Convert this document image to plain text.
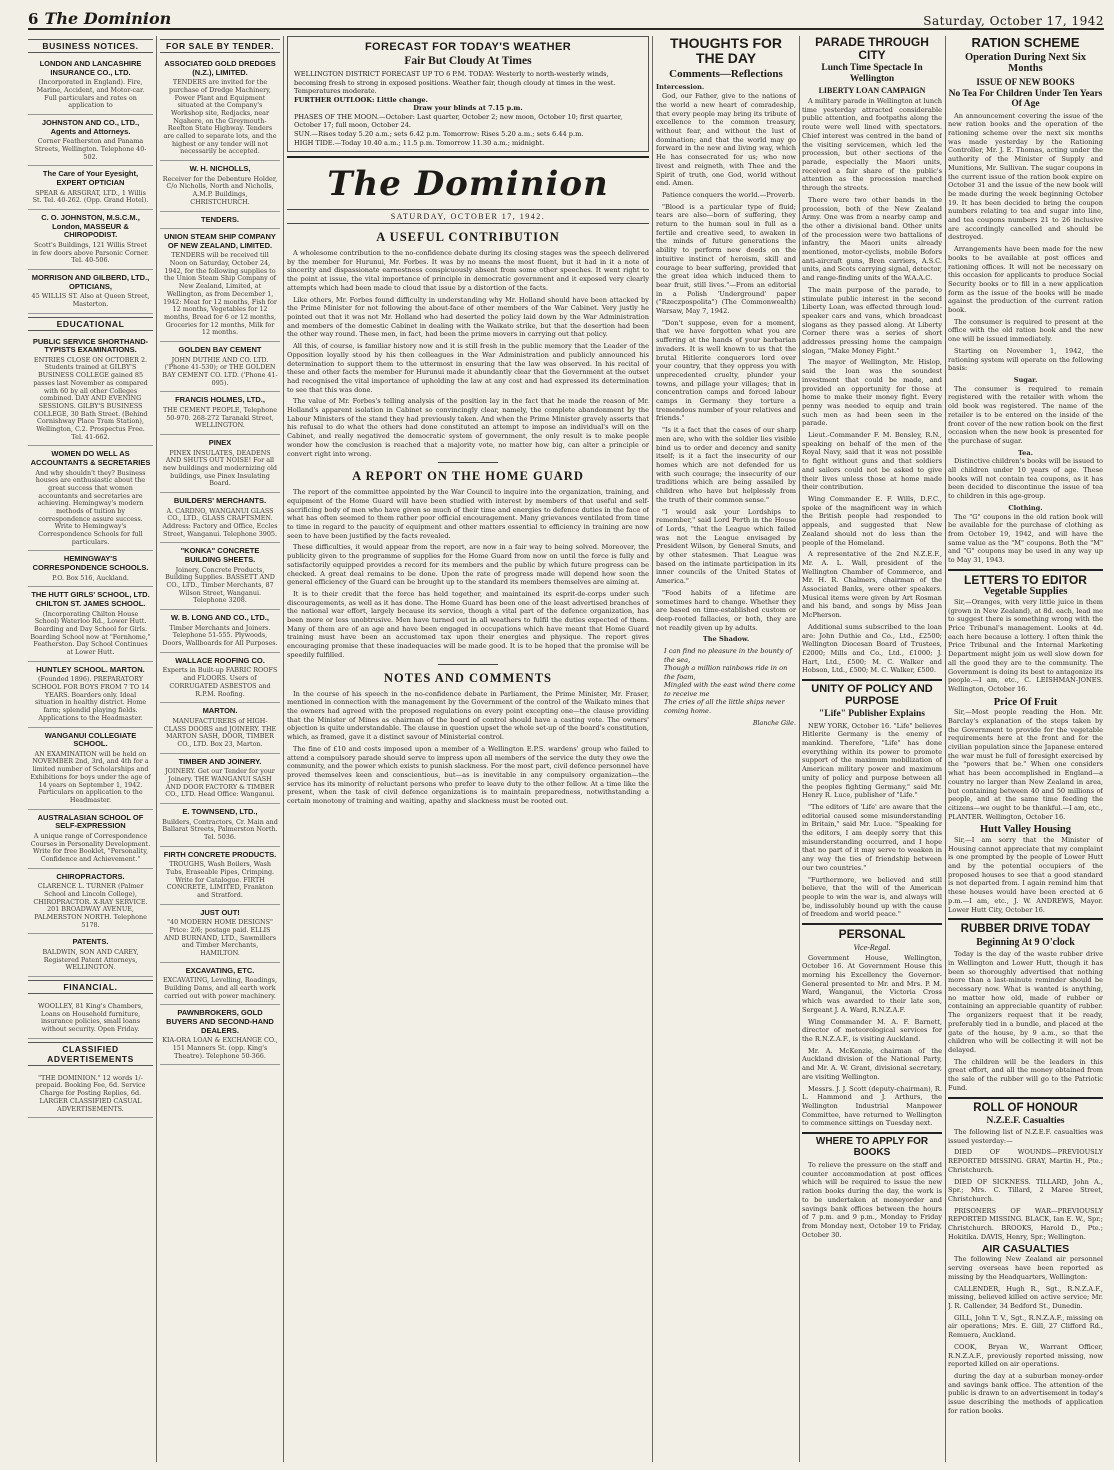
6 The Dominion	Saturday, October 17, 1942
BUSINESS NOTICES.
LONDON AND LANCASHIRE INSURANCE CO., LTD.
(Incorporated in England). Fire, Marine, Accident, and Motor-car. Full particulars and rates on application to
JOHNSTON AND CO., LTD., Agents and Attorneys.
Corner Featherston and Panama Streets, Wellington. Telephone 40-502.
The Care of Your Eyesight, EXPERT OPTICIAN
SPEAR & ARSGRAT, LTD., 1 Willis St. Tel. 40-262. (Opp. Grand Hotel).
C. O. JOHNSTON, M.S.C.M., London, MASSEUR & CHIROPODIST.
Scott's Buildings, 121 Willis Street in few doors above Parsonic Corner. Tel. 40-506.
MORRISON AND GILBERD, LTD., OPTICIANS,
45 WILLIS ST. Also at Queen Street, Masterton.
EDUCATIONAL
PUBLIC SERVICE SHORTHAND-TYPISTS EXAMINATIONS.
ENTRIES CLOSE ON OCTOBER 2. Students trained at GILBY'S BUSINESS COLLEGE gained 85 passes last November as compared with 60 by all other Colleges combined. DAY AND EVENING SESSIONS. GILBY'S BUSINESS COLLEGE, 30 Bath Street. (Behind Cornishway Place Tram Station), Wellington, C.2. Prospectus Free. Tel. 41-662.
WOMEN DO WELL AS ACCOUNTANTS & SECRETARIES
And why shouldn't they? Business houses are enthusiastic about the great success that women accountants and secretaries are achieving. Hemingway's modern methods of tuition by correspondence assure success. Write to Hemingway's Correspondence Schools for full particulars.
HEMINGWAY'S CORRESPONDENCE SCHOOLS.
P.O. Box 516, Auckland.
THE HUTT GIRLS' SCHOOL, LTD. CHILTON ST. JAMES SCHOOL.
(Incorporating Chilton House School) Waterloo Rd., Lower Hutt. Boarding and Day School for Girls. Boarding School now at "Fernhome," Featherston. Day School Continues at Lower Hutt.
HUNTLEY SCHOOL. MARTON.
(Founded 1896). PREPARATORY SCHOOL FOR BOYS FROM 7 TO 14 YEARS. Boarders only. Ideal situation in healthy district. Home farm; splendid playing fields. Applications to the Headmaster.
WANGANUI COLLEGIATE SCHOOL.
AN EXAMINATION will be held on NOVEMBER 2nd, 3rd, and 4th for a limited number of Scholarships and Exhibitions for boys under the age of 14 years on September 1, 1942. Particulars on application to the Headmaster.
AUSTRALASIAN SCHOOL OF SELF-EXPRESSION
A unique range of Correspondence Courses in Personality Development. Write for free Booklet, "Personality, Confidence and Achievement."
CHIROPRACTORS.
CLARENCE L. TURNER (Palmer School and Lincoln College), CHIROPRACTOR. X-RAY SERVICE. 201 BROADWAY AVENUE, PALMERSTON NORTH. Telephone 5178.
PATENTS.
BALDWIN, SON AND CAREY, Registered Patent Attorneys, WELLINGTON.
FINANCIAL.
WOOLLEY, 81 King's Chambers, Loans on Household furniture, insurance policies, small loans without security. Open Friday.
CLASSIFIED ADVERTISEMENTS
"THE DOMINION." 12 words 1/- prepaid. Booking Fee, 6d. Service Charge for Posting Replies, 6d. LARGER CLASSIFIED CASUAL ADVERTISEMENTS.
FOR SALE BY TENDER.
ASSOCIATED GOLD DREDGES (N.Z.), LIMITED.
TENDERS are invited for the purchase of Dredge Machinery, Power Plant and Equipment situated at the Company's Workshop site, Redjacks, near Ngahere, on the Greymouth-Reefton State Highway. Tenders are called to separate lots, and the highest or any tender will not necessarily be accepted.
W. H. NICHOLLS,
Receiver for the Debenture Holder, C/o Nicholls, North and Nicholls, A.M.P. Buildings, CHRISTCHURCH.
TENDERS.
UNION STEAM SHIP COMPANY OF NEW ZEALAND, LIMITED.
TENDERS will be received till Noon on Saturday, October 24, 1942, for the following supplies to the Union Steam Ship Company of New Zealand, Limited, at Wellington, as from December 1, 1942: Meat for 12 months, Fish for 12 months, Vegetables for 12 months, Bread for 6 or 12 months, Groceries for 12 months, Milk for 12 months.
GOLDEN BAY CEMENT
JOHN DUTHIE AND CO. LTD. ('Phone 41-530); or THE GOLDEN BAY CEMENT CO. LTD. ('Phone 41-095).
FRANCIS HOLMES, LTD.,
THE CEMENT PEOPLE, Telephone 50-970. 268-272 Taranaki Street, WELLINGTON.
PINEX
PINEX INSULATES, DEADENS AND SHUTS OUT NOISE! For all new buildings and modernizing old buildings, use Pinex Insulating Board.
BUILDERS' MERCHANTS.
A. CARDNO, WANGANUI GLASS CO., LTD., GLASS CRAFTSMEN. Address: Factory and Office, Eccles Street, Wanganui. Telephone 3905.
"KONKA" CONCRETE BUILDING SHEETS.
Joinery, Concrete Products, Building Supplies. BASSETT AND CO., LTD., Timber Merchants, 87 Wilson Street, Wanganui. Telephone 3208.
W. B. LONG AND CO., LTD.,
Timber Merchants and Joiners. Telephone 51-555. Plywoods, Doors, Wallboards for All Purposes.
WALLACE ROOFING CO.
Experts in Built-up FABRIC ROOFS and FLOORS. Users of CORRUGATED ASBESTOS and R.P.M. Roofing.
MARTON.
MANUFACTURERS of HIGH-CLASS DOORS and JOINERY. THE MARTON SASH, DOOR, TIMBER CO., LTD. Box 23, Marton.
TIMBER AND JOINERY.
JOINERY. Get our Tender for your Joinery. THE WANGANUI SASH AND DOOR FACTORY & TIMBER CO., LTD. Head Office: Wanganui.
E. TOWNSEND, LTD.,
Builders, Contractors, Cr. Main and Ballarat Streets, Palmerston North. Tel. 5036.
FIRTH CONCRETE PRODUCTS.
TROUGHS, Wash Boilers, Wash Tubs, Eraseable Pipes, Crimping. Write for Catalogue. FIRTH CONCRETE, LIMITED, Frankton and Stratford.
JUST OUT!
"40 MODERN HOME DESIGNS" Price: 2/6; postage paid. ELLIS AND BURNAND, LTD., Sawmillers and Timber Merchants, HAMILTON.
EXCAVATING, ETC.
EXCAVATING, Levelling, Roadings, Building Dams, and all earth work carried out with power machinery.
PAWNBROKERS, GOLD BUYERS AND SECOND-HAND DEALERS.
KIA-ORA LOAN & EXCHANGE CO., 151 Manners St. (opp. King's Theatre). Telephone 50-366.
FORECAST FOR TODAY'S WEATHER
Fair But Cloudy At Times
WELLINGTON DISTRICT FORECAST UP TO 6 P.M. TODAY: Westerly to north-westerly winds, becoming fresh to strong in exposed positions. Weather fair, though cloudy at times in the west. Temperatures moderate.
FURTHER OUTLOOK: Little change.
Draw your blinds at 7.15 p.m.
PHASES OF THE MOON.—October: Last quarter, October 2; new moon, October 10; first quarter, October 17; full moon, October 24.
SUN.—Rises today 5.20 a.m.; sets 6.42 p.m. Tomorrow: Rises 5.20 a.m.; sets 6.44 p.m.
HIGH TIDE.—Today 10.40 a.m.; 11.5 p.m. Tomorrow 11.30 a.m.; midnight.
The Dominion
SATURDAY, OCTOBER 17, 1942.
A USEFUL CONTRIBUTION

A wholesome contribution to the no-confidence debate during its closing stages was the speech delivered by the member for Hurunui, Mr. Forbes. It was by no means the most fluent, but it had in it a note of sincerity and dispassionate earnestness conspicuously absent from some other speeches. It went right to the point at issue, the vital importance of principle in democratic government and it exposed very clearly attempts which had been made to cloud that issue by a distortion of the facts.

Like others, Mr. Forbes found difficulty in understanding why Mr. Holland should have been attacked by the Prime Minister for not following the about-face of other members of the War Cabinet. Very justly he pointed out that it was not Mr. Holland who had deserted the policy laid down by the War Administration and members of the domestic Cabinet in dealing with the Waikato strike, but that the desertion had been the other way round. These men, in fact, had been the prime movers in carrying out that policy.

All this, of course, is familiar history now and it is still fresh in the public memory that the Leader of the Opposition loyally stood by his then colleagues in the War Administration and publicly announced his determination to support them to the uttermost in ensuring that the law was observed. In his recital of these and other facts the member for Hurunui made it abundantly clear that the Government at the outset had recognised the vital importance of upholding the law at any cost and had expressed its determination to see that this was done.

The value of Mr. Forbes's telling analysis of the position lay in the fact that he made the reason of Mr. Holland's apparent isolation in Cabinet so convincingly clear, namely, the complete abandonment by the Labour Ministers of the stand they had previously taken. And when the Prime Minister gravely asserts that his refusal to do what the others had done constituted an attempt to impose an individual's will on the Cabinet, and really negatived the democratic system of government, the only result is to make people wonder how the conclusion is reached that a majority vote, no matter how big, can alter a principle or convert right into wrong.

A REPORT ON THE HOME GUARD

The report of the committee appointed by the War Council to inquire into the organization, training, and equipment of the Home Guard will have been studied with interest by members of that useful and self-sacrificing body of men who have given so much of their time and energies to defence duties in the face of what has often seemed to them rather poor official encouragement. Many grievances ventilated from time to time in regard to the paucity of equipment and other matters essential to efficiency in training are now seen to have been justified by the facts revealed.

These difficulties, it would appear from the report, are now in a fair way to being solved. Moreover, the publicity given to the programme of supplies for the Home Guard from now on until the force is fully and satisfactorily equipped provides a record for its members and the public by which future progress can be checked. A great deal remains to be done. Upon the rate of progress made will depend how soon the general efficiency of the Guard can be brought up to the standard its members themselves are aiming at.

It is to their credit that the force has held together, and maintained its esprit-de-corps under such discouragements, as well as it has done. The Home Guard has been one of the least advertised branches of the national war effort, largely because its service, though a vital part of the defence organization, has been more or less unobtrusive. Men have turned out in all weathers to fulfil the duties expected of them. Many of them are of an age and have been engaged in occupations which have meant that Home Guard training must have been an accustomed tax upon their energies and physique. The report gives encouraging promise that these inadequacies will be made good. It is to be hoped that the promise will be speedily fulfilled.

NOTES AND COMMENTS

In the course of his speech in the no-confidence debate in Parliament, the Prime Minister, Mr. Fraser, mentioned in connection with the management by the Government of the control of the Waikato mines that the owners had agreed with the proposed regulations on every point excepting one—the clause providing that the Minister of Mines as chairman of the board of control should have a casting vote. The owners' objection is quite understandable. The clause in question upset the whole set-up of the board's constitution, which, as framed, gave it a distinct savour of Ministerial control.

The fine of £10 and costs imposed upon a member of a Wellington E.P.S. wardens' group who failed to attend a compulsory parade should serve to impress upon all members of the service the duty they owe the community, and the power which exists to punish slackness. For the most part, civil defence personnel have proved themselves keen and conscientious, but—as is inevitable in any compulsory organization—the service has its minority of reluctant persons who prefer to leave duty to the other fellow. At a time like the present, when the task of civil defence organizations is to maintain preparedness, notwithstanding a certain monotony of training and waiting, apathy and slackness must be rooted out.

THOUGHTS FOR THE DAY
Comments—Reflections
Intercession.

God, our Father, give to the nations of the world a new heart of comradeship, that every people may bring its tribute of excellence to the common treasury, without fear, and without the lust of domination; and that the world may go forward in the new and living way, which He has consecrated for us; who now livest and reigneth, with Thee and the Spirit of truth, one God, world without end. Amen.

Patience conquers the world.—Proverb.

"Blood is a particular type of fluid; tears are also—born of suffering, they return to the human soul in full as a fertile and creative seed, to awaken in the minds of future generations the ability to perform new deeds on the intuitive instinct of heroism, skill and courage to bear suffering, provided that the great idea which induced them to bear fruit, still lives."—From an editorial in a Polish 'Underground' paper ("Rzeczpospolita") (The Commonwealth) Warsaw, May 7, 1942.

"Don't suppose, even for a moment, that we have forgotten what you are suffering at the hands of your barbarian invaders. It is well known to us that the brutal Hitlerite conquerors lord over your country, that they oppress you with unprecedented cruelty, plunder your towns, and pillage your villages; that in concentration camps and forced labour camps in Germany they torture a tremendous number of your relatives and friends."

"Is it a fact that the cases of our sharp men are, who with the soldier lies visible bind us to order and decency and sanity itself; is it a fact the insecurity of our homes which are not defended for us with such courage; the insecurity of our traditions which are being assailed by children who have but helplessly from the truth of their common sense."

"I would ask your Lordships to remember," said Lord Perth in the House of Lords, "that the League which failed was not the League envisaged by President Wilson, by General Smuts, and by other statesmen. That League was based on the intimate participation in its inner councils of the United States of America."

"Food habits of a lifetime are sometimes hard to change. Whether they are based on time-established custom or deep-rooted fallacies, or both, they are not readily given up by adults.

The Shadow.
I can find no pleasure in the bounty of the sea,
Though a million rainbows ride in on the foam,
Mingled with the east wind there come to receive me
The cries of all the little ships never coming home.
Blanche Gile.
PARADE THROUGH CITY
Lunch Time Spectacle In Wellington
LIBERTY LOAN CAMPAIGN

A military parade in Wellington at lunch time yesterday attracted considerable public attention, and footpaths along the route were well lined with spectators. Chief interest was centred in the band of the visiting servicemen, which led the procession, but other sections of the parade, especially the Maori units, received a fair share of the public's attention as the procession marched through the streets.

There were two other bands in the procession, both of the New Zealand Army. One was from a nearby camp and the other a divisional band. Other units of the procession were two battalions of infantry, the Maori units already mentioned, motor-cyclists, mobile Bofors anti-aircraft guns, Bren carriers, A.S.C. units, and Scots carrying signal, detector, and range-finding units of the W.A.A.C.

The main purpose of the parade, to stimulate public interest in the second Liberty Loan, was effected through loud-speaker cars and vans, which broadcast slogans as they passed along. At Liberty Corner there was a series of short addresses pressing home the campaign slogan, "Make Money Fight."

The mayor of Wellington, Mr. Hislop, said the loan was the soundest investment that could be made, and provided an opportunity for those at home to make their money fight. Every penny was needed to equip and train such men as had been seen in the parade.

Lieut.-Commander F. M. Bensley, R.N., speaking on behalf of the men of the Royal Navy, said that it was not possible to fight without guns and that soldiers and sailors could not be asked to give their lives unless those at home made their contribution.

Wing Commander E. F. Wills, D.F.C., spoke of the magnificent way in which the British people had responded to appeals, and suggested that New Zealand should not do less than the people of the Homeland.

A representative of the 2nd N.Z.E.F., Mr. A. L. Wall, president of the Wellington Chamber of Commerce, and Mr. H. R. Chalmers, chairman of the Associated Banks, were other speakers. Musical items were given by Art Rosman and his band, and songs by Miss Jean McPherson.

Additional sums subscribed to the loan are: John Duthie and Co., Ltd., £2500; Wellington Diocesan Board of Trustees, £2000; Mills and Co., Ltd., £1000; J. Hart, Ltd., £500; M. C. Walker and Hobson, Ltd., £500; M. C. Walker, £500.

UNITY OF POLICY AND PURPOSE
"Life" Publisher Explains

NEW YORK, October 16. "Life" believes Hitlerite Germany is the enemy of mankind. Therefore, "Life" has done everything within its power to promote support of the maximum mobilization of American military power and maximum unity of policy and purpose between all the peoples fighting Germany," said Mr. Henry R. Luce, publisher of "Life."

"The editors of 'Life' are aware that the editorial caused some misunderstanding in Britain," said Mr. Luce. "Speaking for the editors, I am deeply sorry that this misunderstanding occurred, and I hope that no part of it may serve to weaken in any way the ties of friendship between our two countries."

"Furthermore, we believed and still believe, that the will of the American people to win the war is, and always will be, indissolubly bound up with the cause of freedom and world peace."

PERSONAL
Vice-Regal.

Government House, Wellington, October 16. At Government House this morning his Excellency the Governor-General presented to Mr. and Mrs. P. M. Ward, Wanganui, the Victoria Cross which was awarded to their late son, Sergeant J. A. Ward, R.N.Z.A.F.

Wing Commander M. A. F. Barnett, director of meteorological services for the R.N.Z.A.F., is visiting Auckland.

Mr. A. McKenzie, chairman of the Auckland division of the National Party, and Mr. A. W. Grant, divisional secretary, are visiting Wellington.

Messrs. J. J. Scott (deputy-chairman), R. L. Hammond and J. Arthurs, the Wellington Industrial Manpower Committee, have returned to Wellington to commence sittings on Tuesday next.

WHERE TO APPLY FOR BOOKS

To relieve the pressure on the staff and counter accommodation at post offices which will be required to issue the new ration books during the day, the work is to be undertaken at moneyorder and savings bank offices between the hours of 7 p.m. and 9 p.m., Monday to Friday from Monday next, October 19 to Friday, October 30.

RATION SCHEME
Operation During Next Six Months
ISSUE OF NEW BOOKS
No Tea For Children Under Ten Years Of Age

An announcement covering the issue of the new ration books and the operation of the rationing scheme over the next six months was made yesterday by the Rationing Controller, Mr. J. E. Thomas, acting under the authority of the Minister of Supply and Munitions, Mr. Sullivan. The sugar coupons in the current issue of the ration book expire on October 31 and the issue of the new book will be made during the week beginning October 19. It has been decided to bring the coupon numbers relating to tea and sugar into line, and tea coupons numbers 21 to 26 inclusive are accordingly cancelled and should be destroyed.

Arrangements have been made for the new books to be available at post offices and rationing offices. It will not be necessary on this occasion for applicants to produce Social Security books or to fill in a new application form as the issue of the books will be made against the production of the current ration book.

The consumer is required to present at the office with the old ration book and the new one will be issued immediately.

Starting on November 1, 1942, the rationing system will operate on the following basis:

Sugar.

The consumer is required to remain registered with the retailer with whom the old book was registered. The name of the retailer is to be entered on the inside of the front cover of the new ration book on the first occasion when the new book is presented for the purchase of sugar.

Tea.

Distinctive children's books will be issued to all children under 10 years of age. These books will not contain tea coupons, as it has been decided to discontinue the issue of tea to children in this age-group.

Clothing.

The "G" coupons in the old ration book will be available for the purchase of clothing as from October 19, 1942, and will have the same value as the "M" coupons. Both the "M" and "G" coupons may be used in any way up to May 31, 1943.

LETTERS TO EDITOR
Vegetable Supplies

Sir,—Oranges, with very little juice in them (grown in New Zealand), at 8d. each, lead me to suggest there is something wrong with the Price Tribunal's management. Looks at 4d. each here because a lottery. I often think the Price Tribunal and the Internal Marketing Department might join us well slow down for all the good they are to the community. The Government is doing its best to antagonize its people.—I am, etc., C. LEISHMAN-JONES. Wellington, October 16.

Price Of Fruit

Sir,—Most people reading the Hon. Mr. Barclay's explanation of the steps taken by the Government to provide for the vegetable requirements here at the front and for the civilian population since the Japanese entered the war must be full of foresight exercised by the "powers that be." When one considers what has been accomplished in England—a country no larger than New Zealand in area, but containing between 40 and 50 millions of people, and at the same time feeding the citizens—we ought to be thankful.—I am, etc., PLANTER. Wellington, October 16.

Hutt Valley Housing

Sir,—I am sorry that the Minister of Housing cannot appreciate that my complaint is one prompted by the people of Lower Hutt and by the potential occupiers of the proposed houses to see that a good standard is not departed from. I again remind him that these houses would have been erected at 6 p.m.—I am, etc., J. W. ANDREWS, Mayor. Lower Hutt City, October 16.

RUBBER DRIVE TODAY
Beginning At 9 O'clock

Today is the day of the waste rubber drive in Wellington and Lower Hutt, though it has been so thoroughly advertised that nothing more than a last-minute reminder should be necessary now. What is wanted is anything, no matter how old, made of rubber or containing an appreciable quantity of rubber. The organizers request that it be ready, preferably tied in a bundle, and placed at the gate of the house, by 9 a.m., so that the children who will be collecting it will not be delayed.

The children will be the leaders in this great effort, and all the money obtained from the sale of the rubber will go to the Patriotic Fund.

ROLL OF HONOUR
N.Z.E.F. Casualties

The following list of N.Z.E.F. casualties was issued yesterday:—

DIED OF WOUNDS—PREVIOUSLY REPORTED MISSING. GRAY, Martin H., Pte.; Christchurch.

DIED OF SICKNESS. TILLARD, John A., Spr.; Mrs. C. Tillard, 2 Maree Street, Christchurch.

PRISONERS OF WAR—PREVIOUSLY REPORTED MISSING. BLACK, Ian E. W., Spr.; Christchurch. BROOKS, Harold D., Pte.; Hokitika. DAVIS, Henry, Spr.; Wellington.

AIR CASUALTIES

The following New Zealand air personnel serving overseas have been reported as missing by the Headquarters, Wellington:

CALLENDER, Hugh R., Sgt., R.N.Z.A.F., missing, believed killed on active service; Mr. J. R. Callender, 34 Bedford St., Dunedin.

GILL, John T. V., Sgt., R.N.Z.A.F., missing on air operations; Mrs. E. Gill, 27 Clifford Rd., Remuera, Auckland.

COOK, Bryan W., Warrant Officer, R.N.Z.A.F., previously reported missing, now reported killed on air operations.

during the day at a suburban money-order and savings bank office. The attention of the public is drawn to an advertisement in today's issue describing the methods of application for ration books.
